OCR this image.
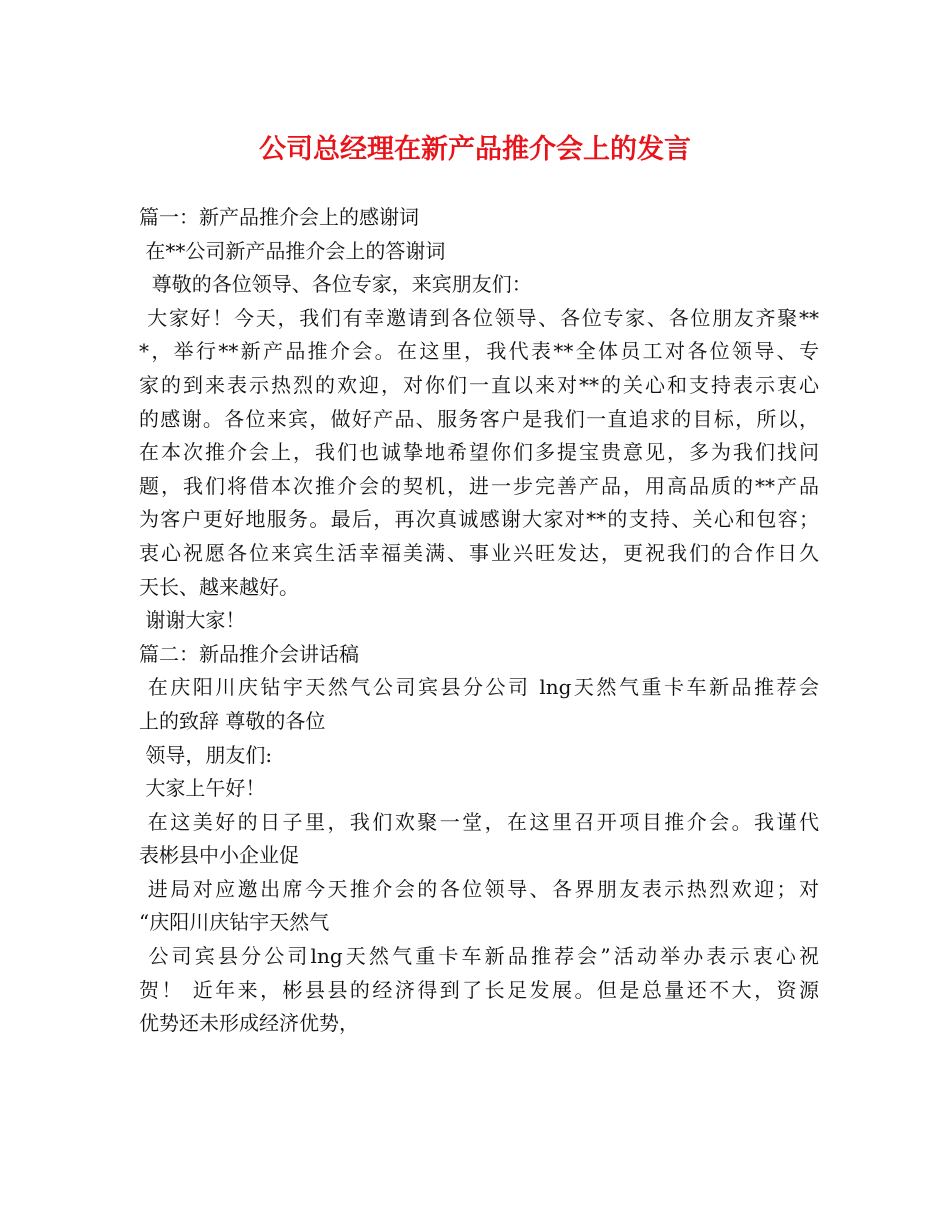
公司总经理在新产品推介会上的发言
篇一：新产品推介会上的感谢词
在**公司新产品推介会上的答谢词
尊敬的各位领导、各位专家，来宾朋友们：
大家好！今天，我们有幸邀请到各位领导、各位专家、各位朋友齐聚**
*，举行**新产品推介会。在这里，我代表**全体员工对各位领导、专
家的到来表示热烈的欢迎，对你们一直以来对**的关心和支持表示衷心
的感谢。各位来宾，做好产品、服务客户是我们一直追求的目标，所以，
在本次推介会上，我们也诚挚地希望你们多提宝贵意见，多为我们找问
题，我们将借本次推介会的契机，进一步完善产品，用高品质的**产品
为客户更好地服务。最后，再次真诚感谢大家对**的支持、关心和包容；
衷心祝愿各位来宾生活幸福美满、事业兴旺发达，更祝我们的合作日久
天长、越来越好。
谢谢大家！
篇二：新品推介会讲话稿
在庆阳川庆钻宇天然气公司宾县分公司 lng天然气重卡车新品推荐会
上的致辞 尊敬的各位
领导，朋友们:
大家上午好！
在这美好的日子里，我们欢聚一堂，在这里召开项目推介会。我谨代
表彬县中小企业促
进局对应邀出席今天推介会的各位领导、各界朋友表示热烈欢迎；对
“庆阳川庆钻宇天然气
公司宾县分公司lng天然气重卡车新品推荐会”活动举办表示衷心祝
贺！ 近年来，彬县县的经济得到了长足发展。但是总量还不大，资源
优势还未形成经济优势，
